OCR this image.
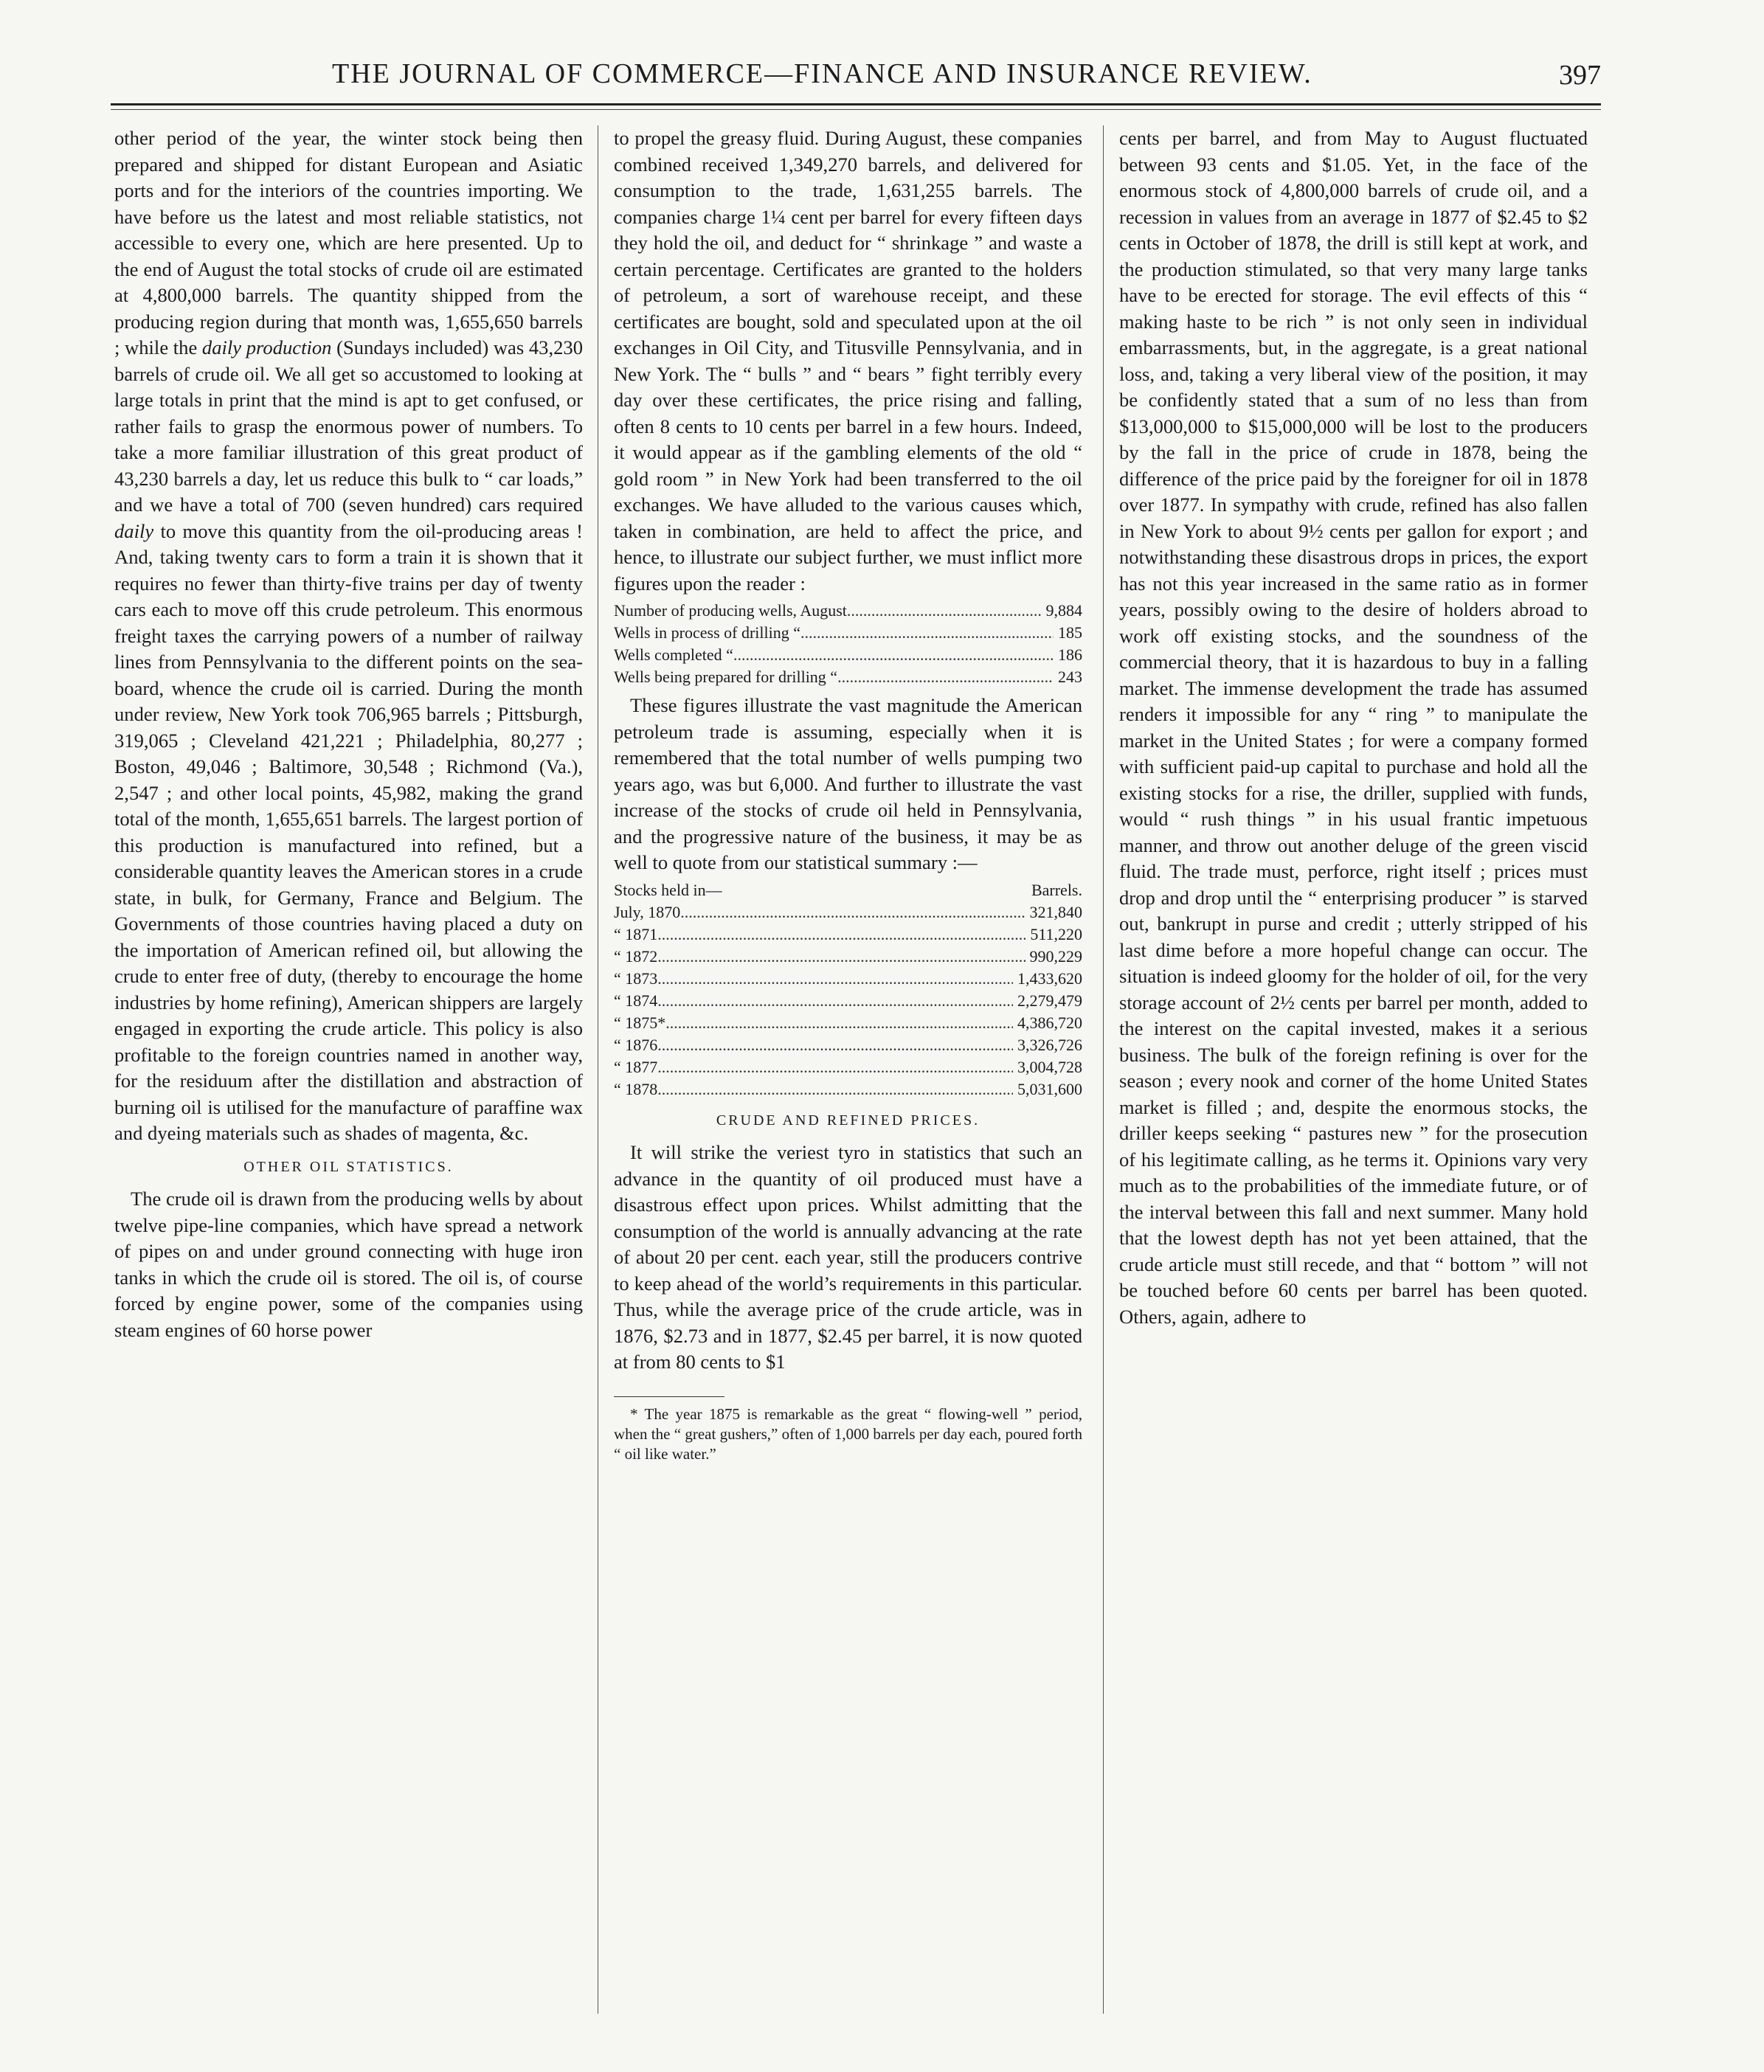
THE JOURNAL OF COMMERCE—FINANCE AND INSURANCE REVIEW.	397

other period of the year, the winter stock being then prepared and shipped for distant European and Asiatic ports and for the interiors of the countries importing. We have before us the latest and most reliable statistics, not accessible to every one, which are here presented. Up to the end of August the total stocks of crude oil are estimated at 4,800,000 barrels. The quantity shipped from the producing region during that month was, 1,655,650 barrels ; while the daily production (Sundays included) was 43,230 barrels of crude oil. We all get so accustomed to looking at large totals in print that the mind is apt to get confused, or rather fails to grasp the enormous power of numbers. To take a more familiar illustration of this great product of 43,230 barrels a day, let us reduce this bulk to “ car loads,” and we have a total of 700 (seven hundred) cars required daily to move this quantity from the oil-producing areas ! And, taking twenty cars to form a train it is shown that it requires no fewer than thirty-five trains per day of twenty cars each to move off this crude petroleum. This enormous freight taxes the carrying powers of a number of railway lines from Pennsylvania to the different points on the sea-board, whence the crude oil is carried. During the month under review, New York took 706,965 barrels ; Pittsburgh, 319,065 ; Cleveland 421,221 ; Philadelphia, 80,277 ; Boston, 49,046 ; Baltimore, 30,548 ; Richmond (Va.), 2,547 ; and other local points, 45,982, making the grand total of the month, 1,655,651 barrels. The largest portion of this production is manufactured into refined, but a considerable quantity leaves the American stores in a crude state, in bulk, for Germany, France and Belgium. The Governments of those countries having placed a duty on the importation of American refined oil, but allowing the crude to enter free of duty, (thereby to encourage the home industries by home refining), American shippers are largely engaged in exporting the crude article. This policy is also profitable to the foreign countries named in another way, for the residuum after the distillation and abstraction of burning oil is utilised for the manufacture of paraffine wax and dyeing materials such as shades of magenta, &c.

OTHER OIL STATISTICS.

The crude oil is drawn from the producing wells by about twelve pipe-line companies, which have spread a network of pipes on and under ground connecting with huge iron tanks in which the crude oil is stored. The oil is, of course forced by engine power, some of the companies using steam engines of 60 horse power

to propel the greasy fluid. During August, these companies combined received 1,349,270 barrels, and delivered for consumption to the trade, 1,631,255 barrels. The companies charge 1¼ cent per barrel for every fifteen days they hold the oil, and deduct for “ shrinkage ” and waste a certain percentage. Certificates are granted to the holders of petroleum, a sort of warehouse receipt, and these certificates are bought, sold and speculated upon at the oil exchanges in Oil City, and Titusville Pennsylvania, and in New York. The “ bulls ” and “ bears ” fight terribly every day over these certificates, the price rising and falling, often 8 cents to 10 cents per barrel in a few hours. Indeed, it would appear as if the gambling elements of the old “ gold room ” in New York had been transferred to the oil exchanges. We have alluded to the various causes which, taken in combination, are held to affect the price, and hence, to illustrate our subject further, we must inflict more figures upon the reader :

Number of producing wells, August .....	9,884
Wells in process of drilling “ .....	185
Wells completed “ .....	186
Wells being prepared for drilling “ .....	243

These figures illustrate the vast magnitude the American petroleum trade is assuming, especially when it is remembered that the total number of wells pumping two years ago, was but 6,000. And further to illustrate the vast increase of the stocks of crude oil held in Pennsylvania, and the progressive nature of the business, it may be as well to quote from our statistical summary :—

Stocks held in—	Barrels.
July, 1870 .....	321,840
“ 1871 .....	511,220
“ 1872 .....	990,229
“ 1873 .....	1,433,620
“ 1874 .....	2,279,479
“ 1875* .....	4,386,720
“ 1876 .....	3,326,726
“ 1877 .....	3,004,728
“ 1878 .....	5,031,600
CRUDE AND REFINED PRICES.

It will strike the veriest tyro in statistics that such an advance in the quantity of oil produced must have a disastrous effect upon prices. Whilst admitting that the consumption of the world is annually advancing at the rate of about 20 per cent. each year, still the producers contrive to keep ahead of the world’s requirements in this particular. Thus, while the average price of the crude article, was in 1876, $2.73 and in 1877, $2.45 per barrel, it is now quoted at from 80 cents to $1

* The year 1875 is remarkable as the great “ flowing-well ” period, when the “ great gushers,” often of 1,000 barrels per day each, poured forth “ oil like water.”

cents per barrel, and from May to August fluctuated between 93 cents and $1.05. Yet, in the face of the enormous stock of 4,800,000 barrels of crude oil, and a recession in values from an average in 1877 of $2.45 to $2 cents in October of 1878, the drill is still kept at work, and the production stimulated, so that very many large tanks have to be erected for storage. The evil effects of this “ making haste to be rich ” is not only seen in individual embarrassments, but, in the aggregate, is a great national loss, and, taking a very liberal view of the position, it may be confidently stated that a sum of no less than from $13,000,000 to $15,000,000 will be lost to the producers by the fall in the price of crude in 1878, being the difference of the price paid by the foreigner for oil in 1878 over 1877. In sympathy with crude, refined has also fallen in New York to about 9½ cents per gallon for export ; and notwithstanding these disastrous drops in prices, the export has not this year increased in the same ratio as in former years, possibly owing to the desire of holders abroad to work off existing stocks, and the soundness of the commercial theory, that it is hazardous to buy in a falling market. The immense development the trade has assumed renders it impossible for any “ ring ” to manipulate the market in the United States ; for were a company formed with sufficient paid-up capital to purchase and hold all the existing stocks for a rise, the driller, supplied with funds, would “ rush things ” in his usual frantic impetuous manner, and throw out another deluge of the green viscid fluid. The trade must, perforce, right itself ; prices must drop and drop until the “ enterprising producer ” is starved out, bankrupt in purse and credit ; utterly stripped of his last dime before a more hopeful change can occur. The situation is indeed gloomy for the holder of oil, for the very storage account of 2½ cents per barrel per month, added to the interest on the capital invested, makes it a serious business. The bulk of the foreign refining is over for the season ; every nook and corner of the home United States market is filled ; and, despite the enormous stocks, the driller keeps seeking “ pastures new ” for the prosecution of his legitimate calling, as he terms it. Opinions vary very much as to the probabilities of the immediate future, or of the interval between this fall and next summer. Many hold that the lowest depth has not yet been attained, that the crude article must still recede, and that “ bottom ” will not be touched before 60 cents per barrel has been quoted. Others, again, adhere to
